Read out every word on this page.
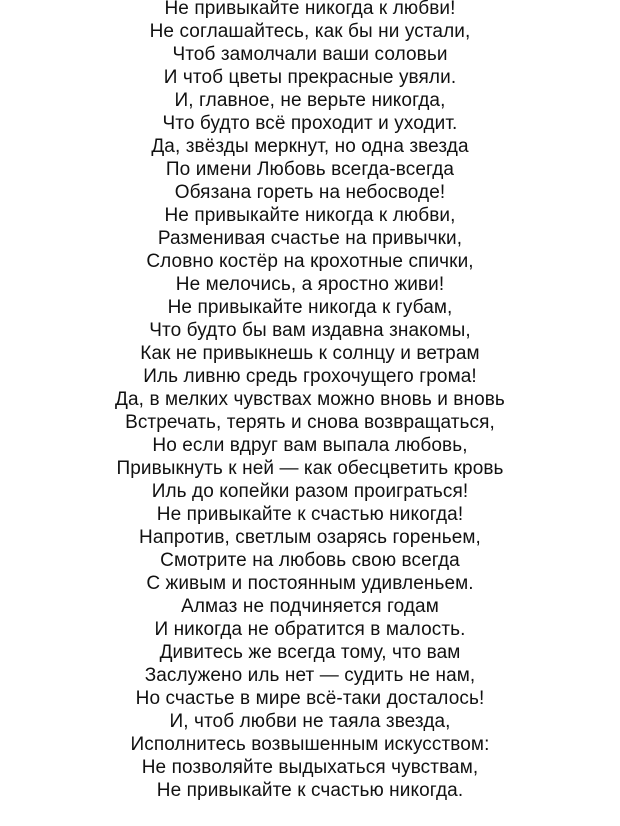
Не привыкайте никогда к любви!
Не соглашайтесь, как бы ни устали,
Чтоб замолчали ваши соловьи
И чтоб цветы прекрасные увяли.
И, главное, не верьте никогда,
Что будто всё проходит и уходит.
Да, звёзды меркнут, но одна звезда
По имени Любовь всегда-всегда
Обязана гореть на небосводе!
Не привыкайте никогда к любви,
Разменивая счастье на привычки,
Словно костёр на крохотные спички,
Не мелочись, а яростно живи!
Не привыкайте никогда к губам,
Что будто бы вам издавна знакомы,
Как не привыкнешь к солнцу и ветрам
Иль ливню средь грохочущего грома!
Да, в мелких чувствах можно вновь и вновь
Встречать, терять и снова возвращаться,
Но если вдруг вам выпала любовь,
Привыкнуть к ней — как обесцветить кровь
Иль до копейки разом проиграться!
Не привыкайте к счастью никогда!
Напротив, светлым озарясь гореньем,
Смотрите на любовь свою всегда
С живым и постоянным удивленьем.
Алмаз не подчиняется годам
И никогда не обратится в малость.
Дивитесь же всегда тому, что вам
Заслужено иль нет — судить не нам,
Но счастье в мире всё-таки досталось!
И, чтоб любви не таяла звезда,
Исполнитесь возвышенным искусством:
Не позволяйте выдыхаться чувствам,
Не привыкайте к счастью никогда.
